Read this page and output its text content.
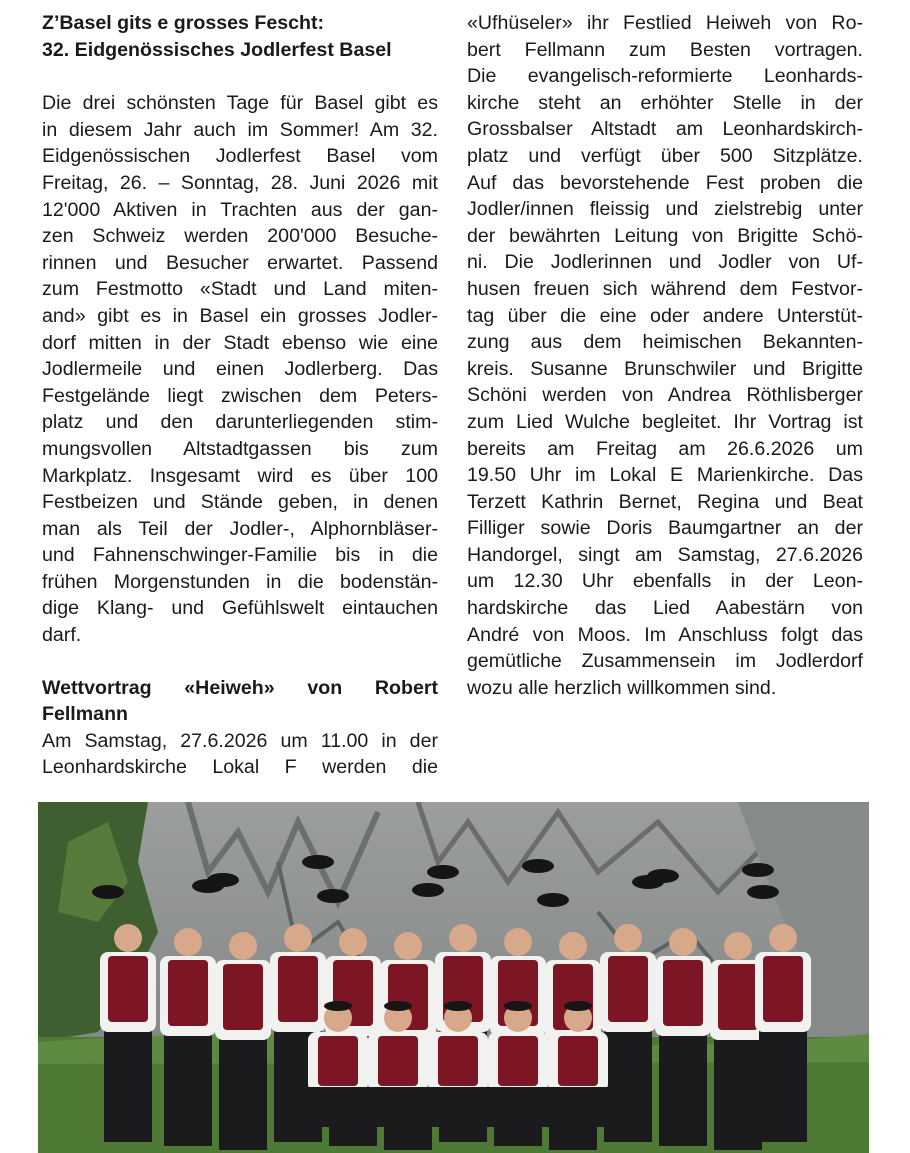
Z’Basel gits e grosses Fescht:
32. Eidgenössisches Jodlerfest Basel
Die drei schönsten Tage für Basel gibt es
in diesem Jahr auch im Sommer! Am 32.
Eidgenössischen Jodlerfest Basel vom
Freitag, 26. – Sonntag, 28. Juni 2026 mit
12'000 Aktiven in Trachten aus der gan-
zen Schweiz werden 200'000 Besuche-
rinnen und Besucher erwartet. Passend
zum Festmotto «Stadt und Land miten-
and» gibt es in Basel ein grosses Jodler-
dorf mitten in der Stadt ebenso wie eine
Jodlermeile und einen Jodlerberg. Das
Festgelände liegt zwischen dem Peters-
platz und den darunterliegenden stim-
mungsvollen Altstadtgassen bis zum
Markplatz. Insgesamt wird es über 100
Festbeizen und Stände geben, in denen
man als Teil der Jodler-, Alphornbläser-
und Fahnenschwinger-Familie bis in die
frühen Morgenstunden in die bodenstän-
dige Klang- und Gefühlswelt eintauchen
darf.
Wettvortrag «Heiweh» von Robert
Fellmann
Am Samstag, 27.6.2026 um 11.00 in der
Leonhardskirche Lokal F werden die
«Ufhüseler» ihr Festlied Heiweh von Ro-
bert Fellmann zum Besten vortragen.
Die evangelisch-reformierte Leonhards-
kirche steht an erhöhter Stelle in der
Grossbalser Altstadt am Leonhardskirch-
platz und verfügt über 500 Sitzplätze.
Auf das bevorstehende Fest proben die
Jodler/innen fleissig und zielstrebig unter
der bewährten Leitung von Brigitte Schö-
ni. Die Jodlerinnen und Jodler von Uf-
husen freuen sich während dem Festvor-
tag über die eine oder andere Unterstüt-
zung aus dem heimischen Bekannten-
kreis. Susanne Brunschwiler und Brigitte
Schöni werden von Andrea Röthlisberger
zum Lied Wulche begleitet. Ihr Vortrag ist
bereits am Freitag am 26.6.2026 um
19.50 Uhr im Lokal E Marienkirche. Das
Terzett Kathrin Bernet, Regina und Beat
Filliger sowie Doris Baumgartner an der
Handorgel, singt am Samstag, 27.6.2026
um 12.30 Uhr ebenfalls in der Leon-
hardskirche das Lied Aabestärn von
André von Moos. Im Anschluss folgt das
gemütliche Zusammensein im Jodlerdorf
wozu alle herzlich willkommen sind.
